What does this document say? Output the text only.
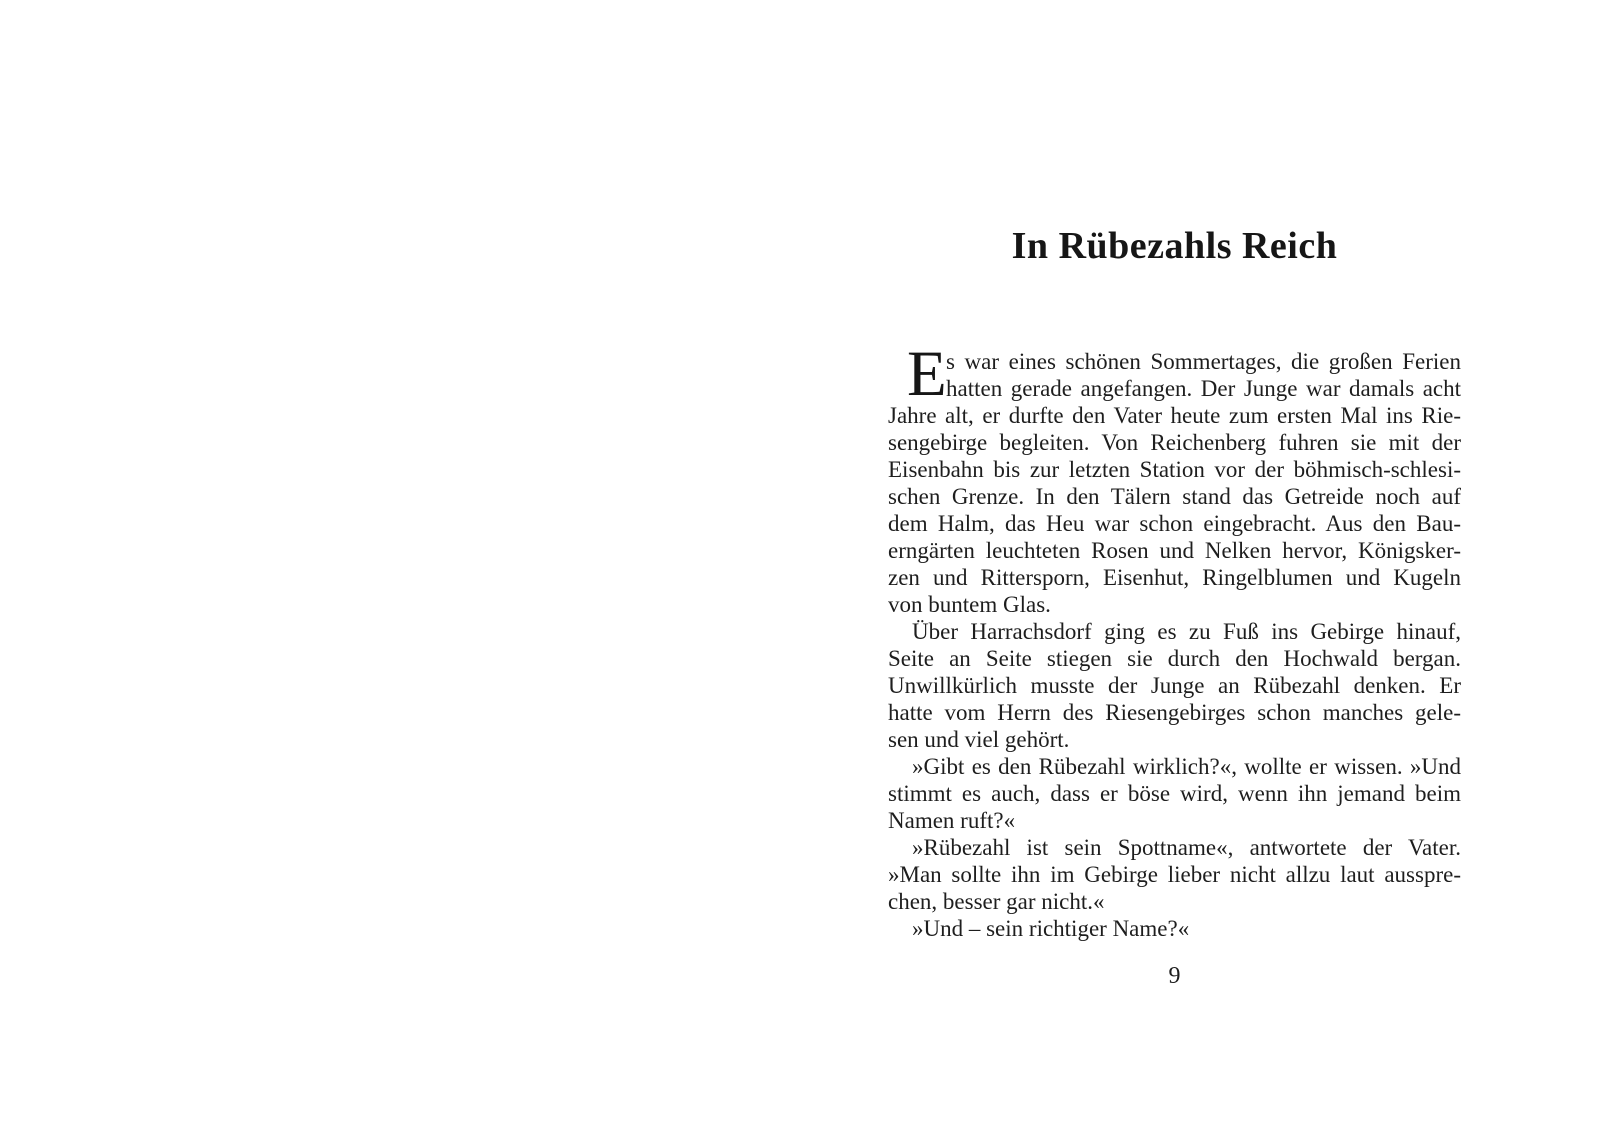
In Rübezahls Reich
E s war eines schönen Sommertages, die großen Ferien
hatten gerade angefangen. Der Junge war damals acht
Jahre alt, er durfte den Vater heute zum ersten Mal ins Rie-
sengebirge begleiten. Von Reichenberg fuhren sie mit der
Eisenbahn bis zur letzten Station vor der böhmisch-schlesi-
schen Grenze. In den Tälern stand das Getreide noch auf
dem Halm, das Heu war schon eingebracht. Aus den Bau-
erngärten leuchteten Rosen und Nelken hervor, Königsker-
zen und Rittersporn, Eisenhut, Ringelblumen und Kugeln
von buntem Glas.
Über Harrachsdorf ging es zu Fuß ins Gebirge hinauf,
Seite an Seite stiegen sie durch den Hochwald bergan.
Unwillkürlich musste der Junge an Rübezahl denken. Er
hatte vom Herrn des Riesengebirges schon manches gele-
sen und viel gehört.
»Gibt es den Rübezahl wirklich?«, wollte er wissen. »Und
stimmt es auch, dass er böse wird, wenn ihn jemand beim
Namen ruft?«
»Rübezahl ist sein Spottname«, antwortete der Vater.
»Man sollte ihn im Gebirge lieber nicht allzu laut ausspre-
chen, besser gar nicht.«
»Und – sein richtiger Name?«
9
